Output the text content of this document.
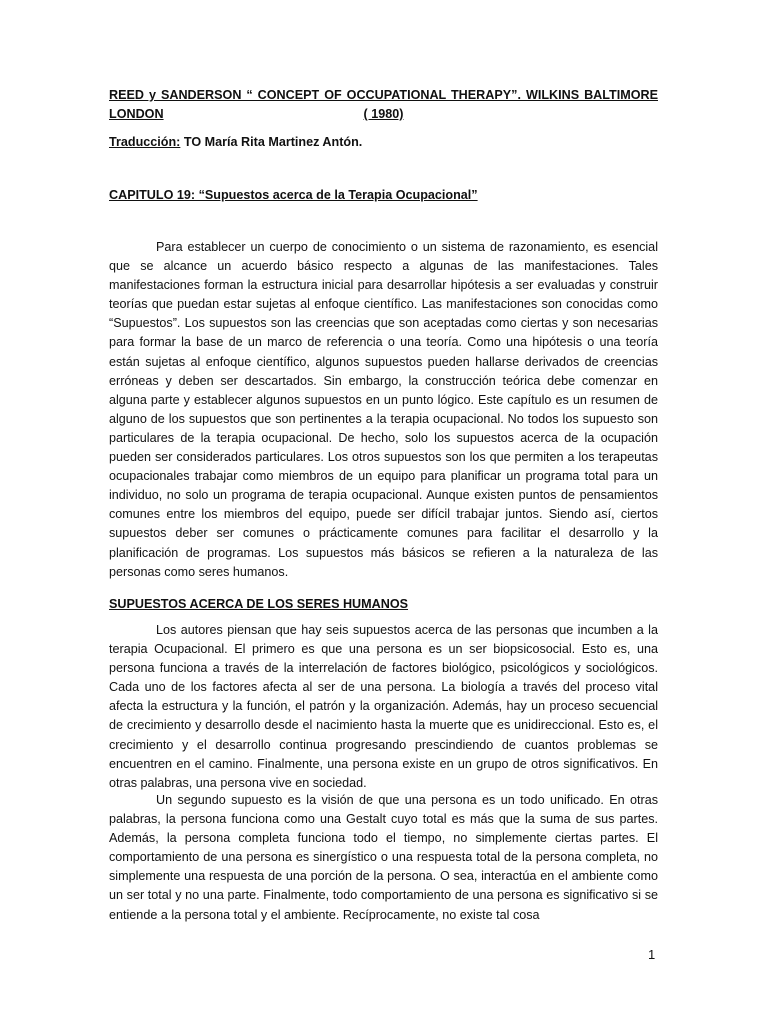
REED y SANDERSON “ CONCEPT OF OCCUPATIONAL THERAPY”. WILKINS BALTIMORE LONDON	( 1980)
Traducción: TO María Rita Martinez Antón.
CAPITULO 19: “Supuestos acerca de la Terapia Ocupacional”

Para establecer un cuerpo de conocimiento o un sistema de razonamiento, es esencial que se alcance un acuerdo básico respecto a algunas de las manifestaciones. Tales manifestaciones forman la estructura inicial para desarrollar hipótesis a ser evaluadas y construir teorías que puedan estar sujetas al enfoque científico. Las manifestaciones son conocidas como “Supuestos”. Los supuestos son las creencias que son aceptadas como ciertas y son necesarias para formar la base de un marco de referencia o una teoría. Como una hipótesis o una teoría están sujetas al enfoque científico, algunos supuestos pueden hallarse derivados de creencias erróneas y deben ser descartados. Sin embargo, la construcción teórica debe comenzar en alguna parte y establecer algunos supuestos en un punto lógico. Este capítulo es un resumen de alguno de los supuestos que son pertinentes a la terapia ocupacional. No todos los supuesto son particulares de la terapia ocupacional. De hecho, solo los supuestos acerca de la ocupación pueden ser considerados particulares. Los otros supuestos son los que permiten a los terapeutas ocupacionales trabajar como miembros de un equipo para planificar un programa total para un individuo, no solo un programa de terapia ocupacional. Aunque existen puntos de pensamientos comunes entre los miembros del equipo, puede ser difícil trabajar juntos. Siendo así, ciertos supuestos deber ser comunes o prácticamente comunes para facilitar el desarrollo y la planificación de programas. Los supuestos más básicos se refieren a la naturaleza de las personas como seres humanos.

SUPUESTOS ACERCA DE LOS SERES HUMANOS

Los autores piensan que hay seis supuestos acerca de las personas que incumben a la terapia Ocupacional. El primero es que una persona es un ser biopsicosocial. Esto es, una persona funciona a través de la interrelación de factores biológico, psicológicos y sociológicos. Cada uno de los factores afecta al ser de una persona. La biología a través del proceso vital afecta la estructura y la función, el patrón y la organización. Además, hay un proceso secuencial de crecimiento y desarrollo desde el nacimiento hasta la muerte que es unidireccional. Esto es, el crecimiento y el desarrollo continua progresando prescindiendo de cuantos problemas se encuentren en el camino. Finalmente, una persona existe en un grupo de otros significativos. En otras palabras, una persona vive en sociedad.

Un segundo supuesto es la visión de que una persona es un todo unificado. En otras palabras, la persona funciona como una Gestalt cuyo total es más que la suma de sus partes. Además, la persona completa funciona todo el tiempo, no simplemente ciertas partes. El comportamiento de una persona es sinergístico o una respuesta total de la persona completa, no simplemente una respuesta de una porción de la persona. O sea, interactúa en el ambiente como un ser total y no una parte. Finalmente, todo comportamiento de una persona es significativo si se entiende a la persona total y el ambiente. Recíprocamente, no existe tal cosa

1
